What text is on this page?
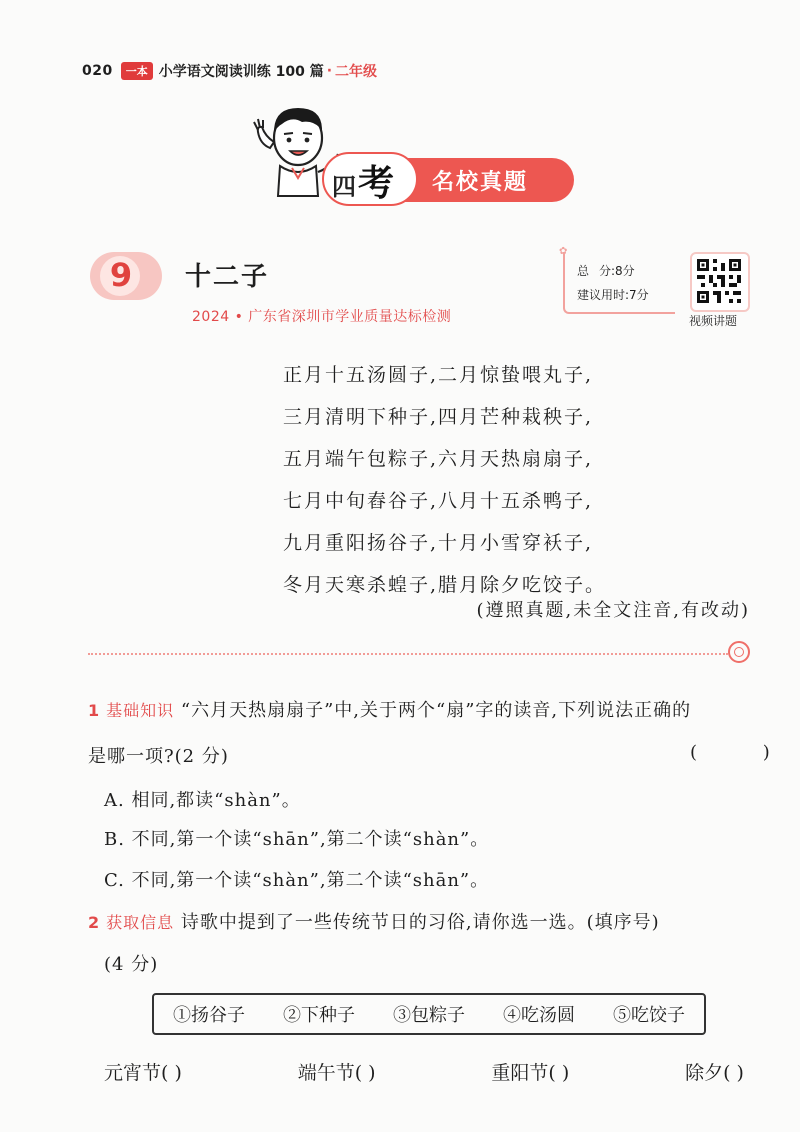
020	一本 小学语文阅读训练 100 篇 · 二年级
名校真题
四考
9	十二子
2024 • 广东省深圳市学业质量达标检测
✿
总 分:8分
建议用时:7分
视频讲题
正月十五汤圆子,二月惊蛰喂丸子,
三月清明下种子,四月芒种栽秧子,
五月端午包粽子,六月天热扇扇子,
七月中旬舂谷子,八月十五杀鸭子,
九月重阳扬谷子,十月小雪穿袄子,
冬月天寒杀蝗子,腊月除夕吃饺子。
(遵照真题,未全文注音,有改动)
1 基础知识 “六月天热扇扇子”中,关于两个“扇”字的读音,下列说法正确的
是哪一项?(2 分)	( )
A. 相同,都读“shàn”。
B. 不同,第一个读“shān”,第二个读“shàn”。
C. 不同,第一个读“shàn”,第二个读“shān”。
2 获取信息 诗歌中提到了一些传统节日的习俗,请你选一选。(填序号)
(4 分)
①扬谷子 ②下种子 ③包粽子 ④吃汤圆 ⑤吃饺子
元宵节( )	端午节( )	重阳节( )	除夕( )
